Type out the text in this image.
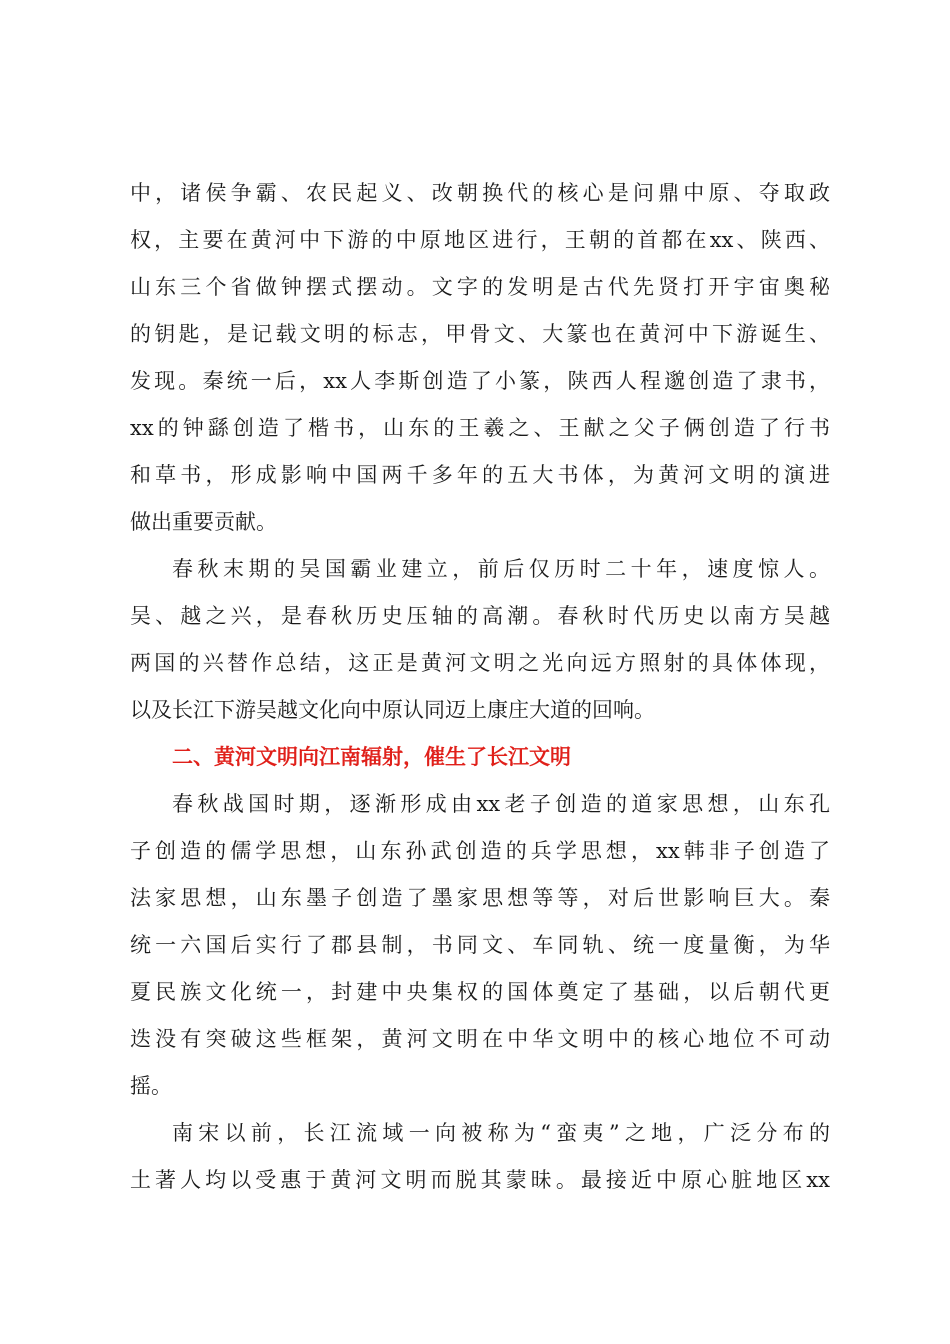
中，诸侯争霸、农民起义、改朝换代的核心是问鼎中原、夺取政
权，主要在黄河中下游的中原地区进行，王朝的首都在xx、陕西、
山东三个省做钟摆式摆动。文字的发明是古代先贤打开宇宙奥秘
的钥匙，是记载文明的标志，甲骨文、大篆也在黄河中下游诞生、
发现。秦统一后，xx人李斯创造了小篆，陕西人程邈创造了隶书，
xx的钟繇创造了楷书，山东的王羲之、王献之父子俩创造了行书
和草书，形成影响中国两千多年的五大书体，为黄河文明的演进
做出重要贡献。
春秋末期的吴国霸业建立，前后仅历时二十年，速度惊人。
吴、越之兴，是春秋历史压轴的高潮。春秋时代历史以南方吴越
两国的兴替作总结，这正是黄河文明之光向远方照射的具体体现，
以及长江下游吴越文化向中原认同迈上康庄大道的回响。
二、黄河文明向江南辐射，催生了长江文明
春秋战国时期，逐渐形成由xx老子创造的道家思想，山东孔
子创造的儒学思想，山东孙武创造的兵学思想，xx韩非子创造了
法家思想，山东墨子创造了墨家思想等等，对后世影响巨大。秦
统一六国后实行了郡县制，书同文、车同轨、统一度量衡，为华
夏民族文化统一，封建中央集权的国体奠定了基础，以后朝代更
迭没有突破这些框架，黄河文明在中华文明中的核心地位不可动
摇。
南宋以前，长江流域一向被称为“蛮夷”之地，广泛分布的
土著人均以受惠于黄河文明而脱其蒙昧。最接近中原心脏地区xx
